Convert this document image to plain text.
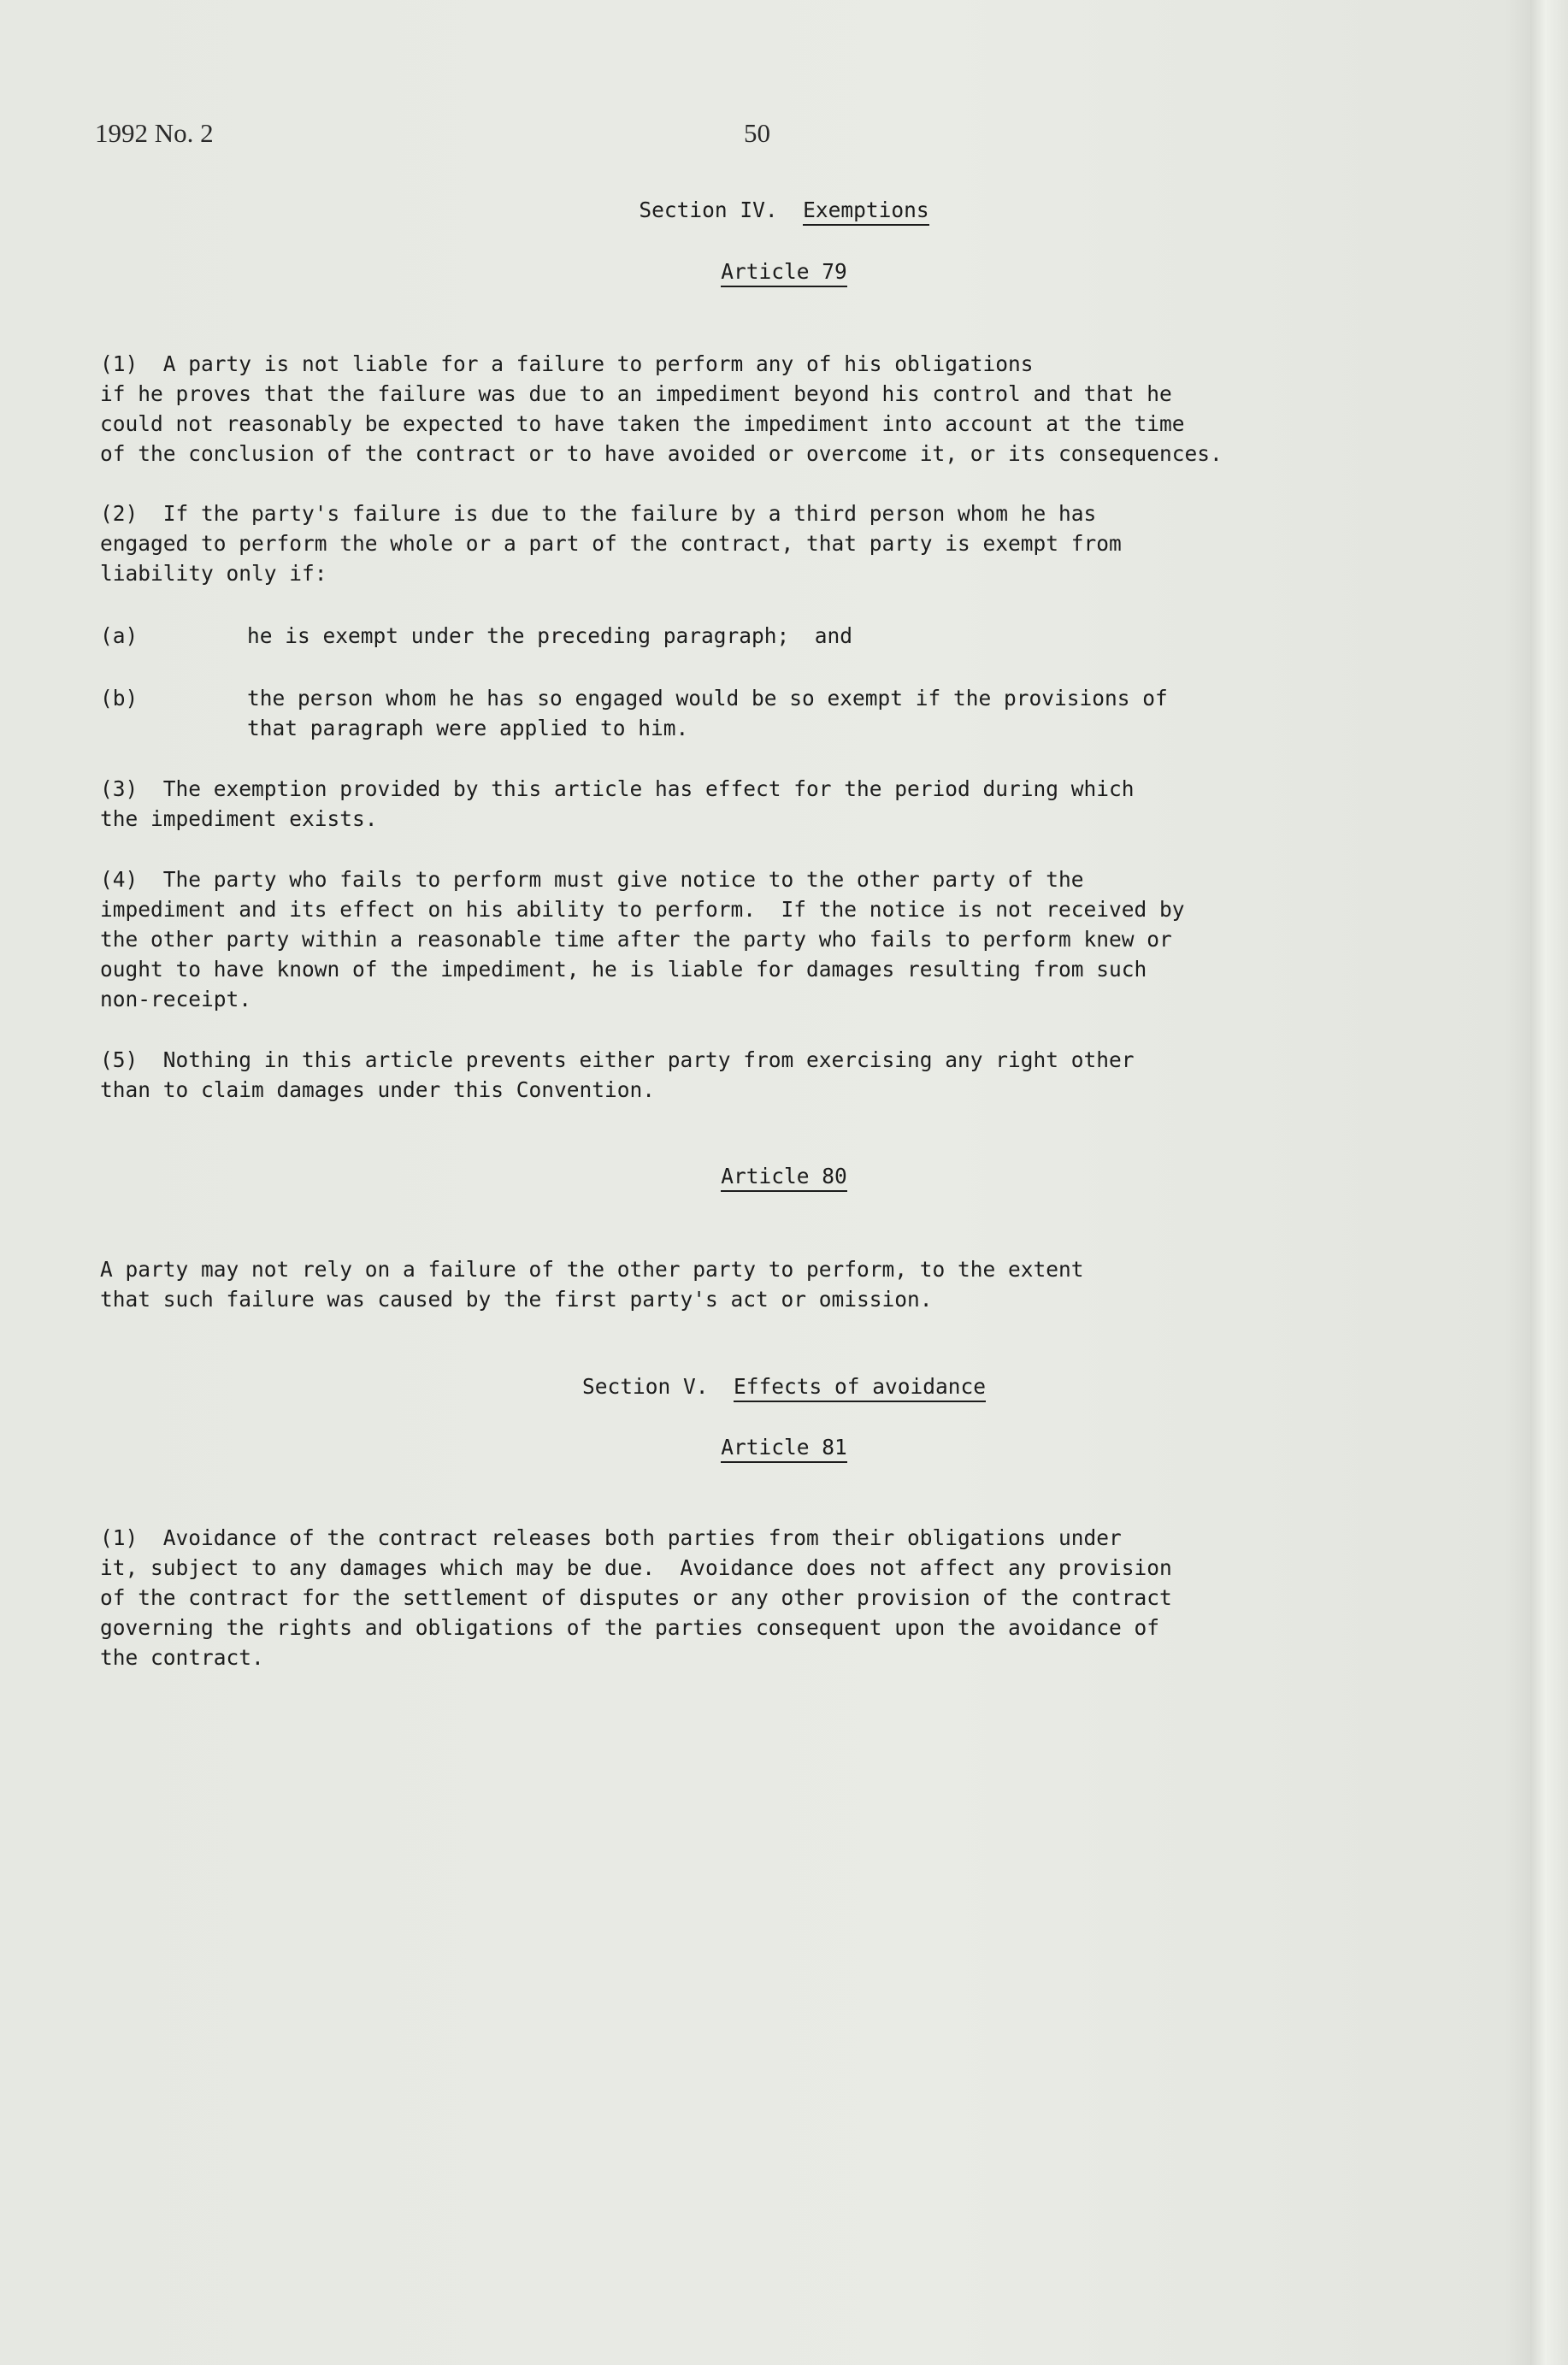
1992 No. 2	50
Section IV. Exemptions
Article 79
(1)  A party is not liable for a failure to perform any of his obligations
if he proves that the failure was due to an impediment beyond his control and that he
could not reasonably be expected to have taken the impediment into account at the time
of the conclusion of the contract or to have avoided or overcome it, or its consequences.
(2)  If the party's failure is due to the failure by a third person whom he has
engaged to perform the whole or a part of the contract, that party is exempt from
liability only if:
(a)	he is exempt under the preceding paragraph;  and
(b)	the person whom he has so engaged would be so exempt if the provisions of
that paragraph were applied to him.
(3)  The exemption provided by this article has effect for the period during which
the impediment exists.
(4)  The party who fails to perform must give notice to the other party of the
impediment and its effect on his ability to perform.  If the notice is not received by
the other party within a reasonable time after the party who fails to perform knew or
ought to have known of the impediment, he is liable for damages resulting from such
non-receipt.
(5)  Nothing in this article prevents either party from exercising any right other
than to claim damages under this Convention.
Article 80
A party may not rely on a failure of the other party to perform, to the extent
that such failure was caused by the first party's act or omission.
Section V. Effects of avoidance
Article 81
(1)  Avoidance of the contract releases both parties from their obligations under
it, subject to any damages which may be due.  Avoidance does not affect any provision
of the contract for the settlement of disputes or any other provision of the contract
governing the rights and obligations of the parties consequent upon the avoidance of
the contract.
